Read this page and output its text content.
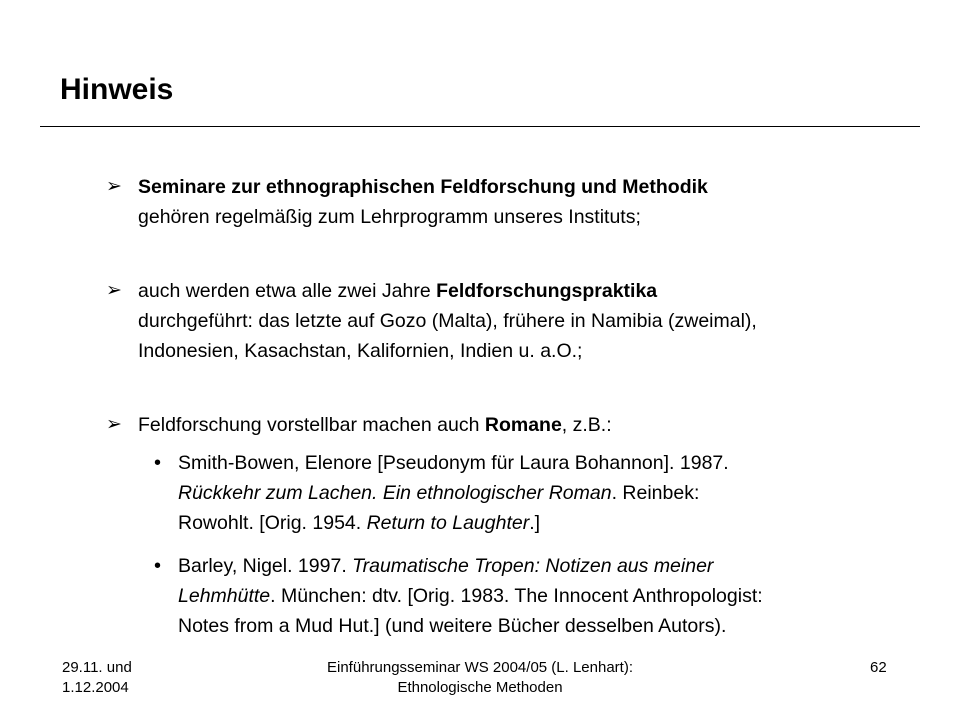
Hinweis
➢ Seminare zur ethnographischen Feldforschung und Methodik
gehören regelmäßig zum Lehrprogramm unseres Instituts;
➢ auch werden etwa alle zwei Jahre Feldforschungspraktika
durchgeführt: das letzte auf Gozo (Malta), frühere in Namibia (zweimal),
Indonesien, Kasachstan, Kalifornien, Indien u. a.O.;
➢ Feldforschung vorstellbar machen auch Romane, z.B.:
• Smith-Bowen, Elenore [Pseudonym für Laura Bohannon]. 1987.
Rückkehr zum Lachen. Ein ethnologischer Roman. Reinbek:
Rowohlt. [Orig. 1954. Return to Laughter.]
• Barley, Nigel. 1997. Traumatische Tropen: Notizen aus meiner
Lehmhütte. München: dtv. [Orig. 1983. The Innocent Anthropologist:
Notes from a Mud Hut.] (und weitere Bücher desselben Autors).
29.11. und
1.12.2004
Einführungsseminar WS 2004/05 (L. Lenhart):
Ethnologische Methoden
62
